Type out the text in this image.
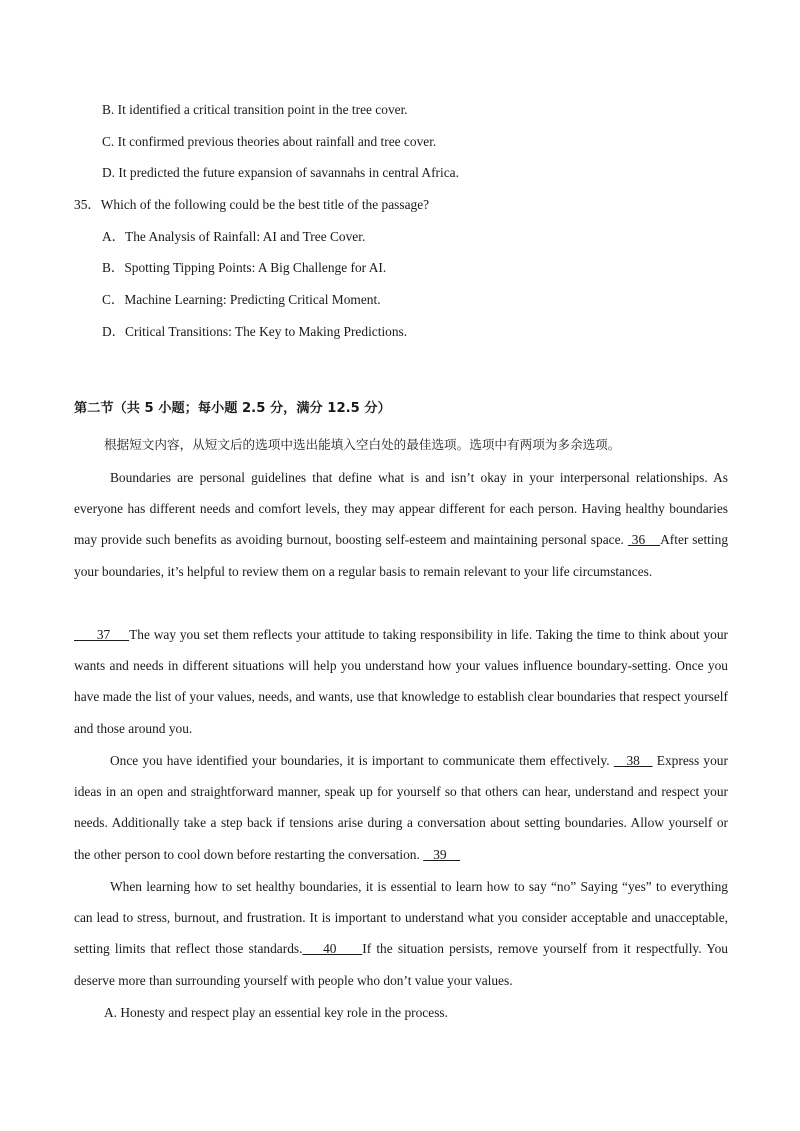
B. It identified a critical transition point in the tree cover.
C. It confirmed previous theories about rainfall and tree cover.
D. It predicted the future expansion of savannahs in central Africa.
35．Which of the following could be the best title of the passage?
A．The Analysis of Rainfall: AI and Tree Cover.
B．Spotting Tipping Points: A Big Challenge for AI.
C．Machine Learning: Predicting Critical Moment.
D．Critical Transitions: The Key to Making Predictions.
第二节（共 5 小题；每小题 2.5 分，满分 12.5 分）
根据短文内容，从短文后的选项中选出能填入空白处的最佳选项。选项中有两项为多余选项。

Boundaries are personal guidelines that define what is and isn’t okay in your interpersonal relationships. As everyone has different needs and comfort levels, they may appear different for each person. Having healthy boundaries may provide such benefits as avoiding burnout, boosting self-esteem and maintaining personal space.  36    After setting your boundaries, it’s helpful to review them on a regular basis to remain relevant to your life circumstances.

37     The way you set them reflects your attitude to taking responsibility in life. Taking the time to think about your wants and needs in different situations will help you understand how your values influence boundary-setting. Once you have made the list of your values, needs, and wants, use that knowledge to establish clear boundaries that respect yourself and those around you.

Once you have identified your boundaries, it is important to communicate them effectively.    38    Express your ideas in an open and straightforward manner, speak up for yourself so that others can hear, understand and respect your needs. Additionally take a step back if tensions arise during a conversation about setting boundaries. Allow yourself or the other person to cool down before restarting the conversation.    39

When learning how to set healthy boundaries, it is essential to learn how to say “no” Saying “yes” to everything can lead to stress, burnout, and frustration. It is important to understand what you consider acceptable and unacceptable, setting limits that reflect those standards.    40     If the situation persists, remove yourself from it respectfully. You deserve more than surrounding yourself with people who don’t value your values.

A. Honesty and respect play an essential key role in the process.
